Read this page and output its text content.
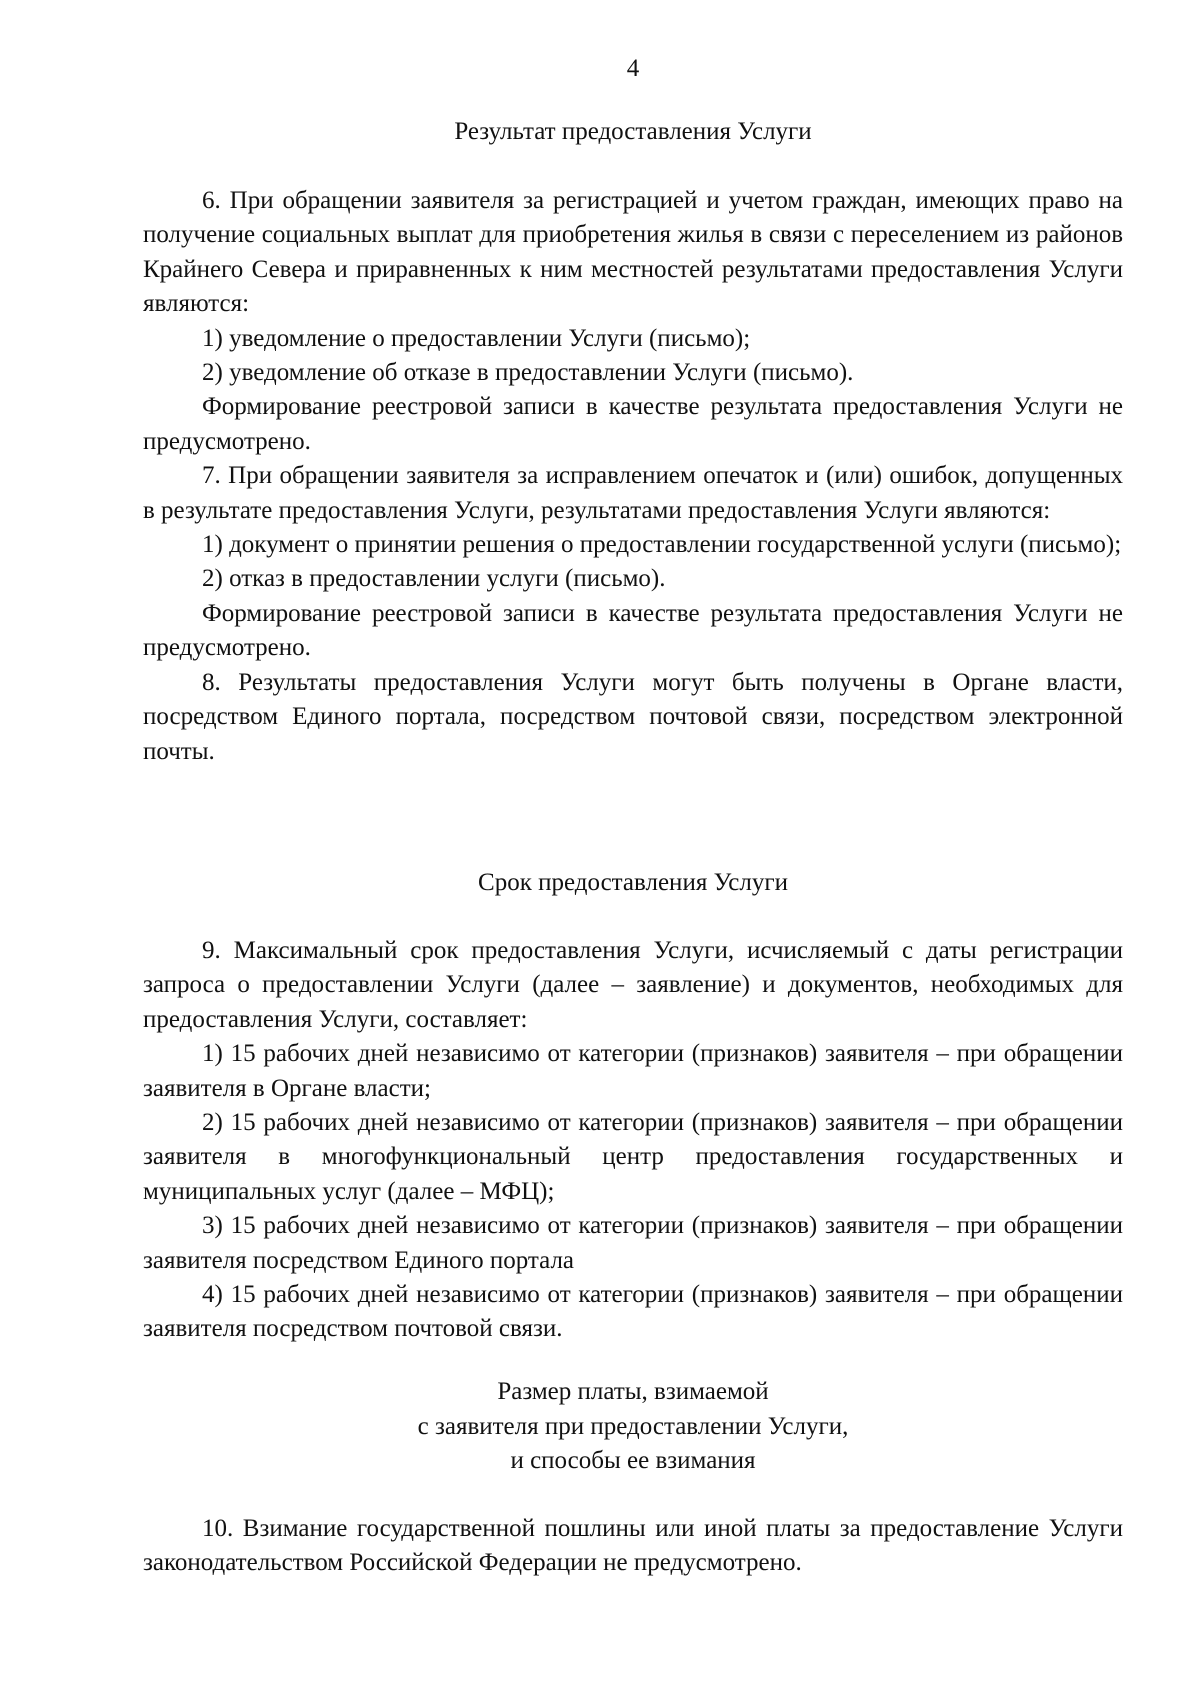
4
Результат предоставления Услуги

6. При обращении заявителя за регистрацией и учетом граждан, имеющих право на получение социальных выплат для приобретения жилья в связи с переселением из районов Крайнего Севера и приравненных к ним местностей результатами предоставления Услуги являются:

1) уведомление о предоставлении Услуги (письмо);

2) уведомление об отказе в предоставлении Услуги (письмо).

Формирование реестровой записи в качестве результата предоставления Услуги не предусмотрено.

7. При обращении заявителя за исправлением опечаток и (или) ошибок, допущенных в результате предоставления Услуги, результатами предоставления Услуги являются:

1) документ о принятии решения о предоставлении государственной услуги (письмо);

2) отказ в предоставлении услуги (письмо).

Формирование реестровой записи в качестве результата предоставления Услуги не предусмотрено.

8. Результаты предоставления Услуги могут быть получены в Органе власти, посредством Единого портала, посредством почтовой связи, посредством электронной почты.

Срок предоставления Услуги

9. Максимальный срок предоставления Услуги, исчисляемый с даты регистрации запроса о предоставлении Услуги (далее – заявление) и документов, необходимых для предоставления Услуги, составляет:

1) 15 рабочих дней независимо от категории (признаков) заявителя – при обращении заявителя в Органе власти;

2) 15 рабочих дней независимо от категории (признаков) заявителя – при обращении заявителя в многофункциональный центр предоставления государственных и муниципальных услуг (далее – МФЦ);

3) 15 рабочих дней независимо от категории (признаков) заявителя – при обращении заявителя посредством Единого портала

4) 15 рабочих дней независимо от категории (признаков) заявителя – при обращении заявителя посредством почтовой связи.

Размер платы, взимаемой
с заявителя при предоставлении Услуги,
и способы ее взимания

10. Взимание государственной пошлины или иной платы за предоставление Услуги законодательством Российской Федерации не предусмотрено.
